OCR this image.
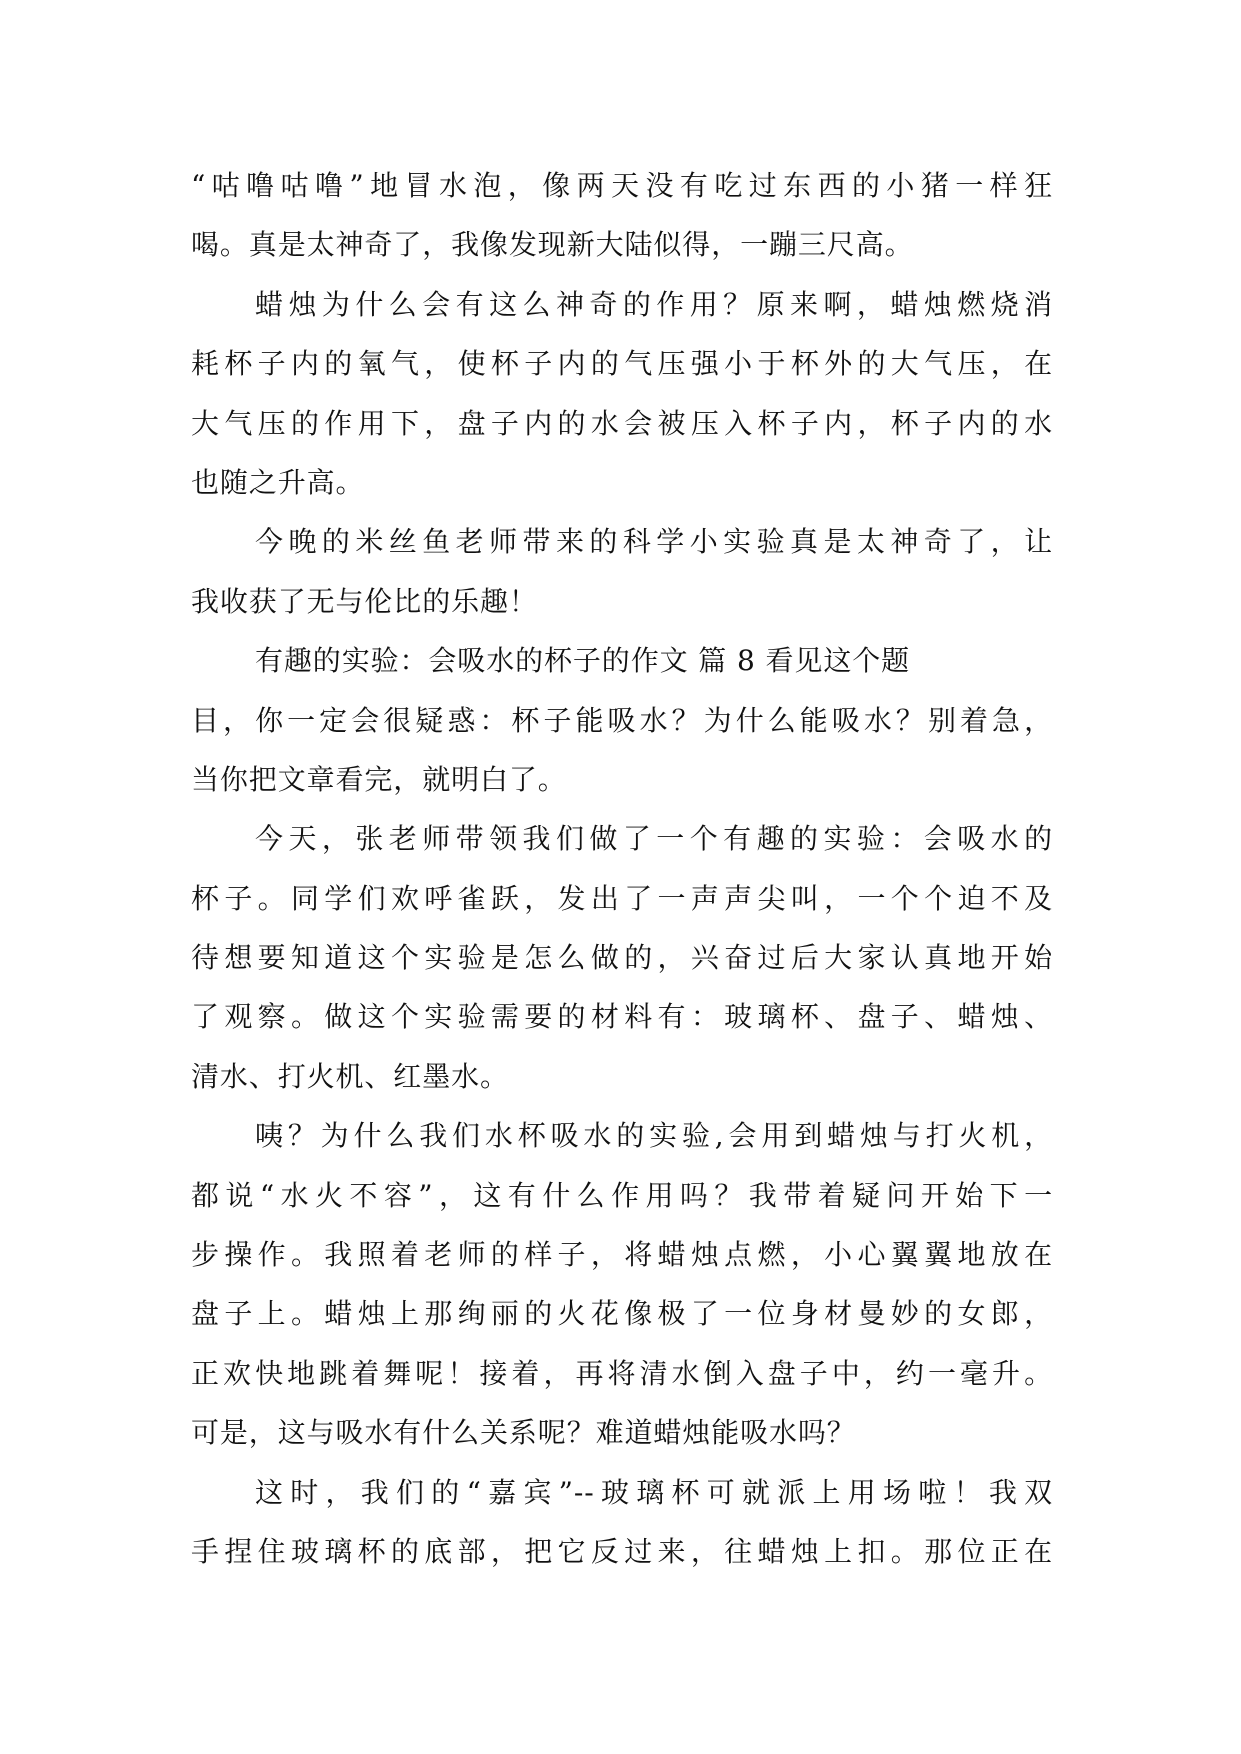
“咕噜咕噜”地冒水泡，像两天没有吃过东西的小猪一样狂
喝。真是太神奇了，我像发现新大陆似得，一蹦三尺高。
蜡烛为什么会有这么神奇的作用？原来啊，蜡烛燃烧消
耗杯子内的氧气，使杯子内的气压强小于杯外的大气压，在
大气压的作用下，盘子内的水会被压入杯子内，杯子内的水
也随之升高。
今晚的米丝鱼老师带来的科学小实验真是太神奇了，让
我收获了无与伦比的乐趣！
有趣的实验：会吸水的杯子的作文 篇 8 看见这个题
目，你一定会很疑惑：杯子能吸水？为什么能吸水？别着急，
当你把文章看完，就明白了。
今天，张老师带领我们做了一个有趣的实验：会吸水的
杯子。同学们欢呼雀跃，发出了一声声尖叫，一个个迫不及
待想要知道这个实验是怎么做的，兴奋过后大家认真地开始
了观察。做这个实验需要的材料有：玻璃杯、盘子、蜡烛、
清水、打火机、红墨水。
咦？为什么我们水杯吸水的实验,会用到蜡烛与打火机，
都说“水火不容”，这有什么作用吗？我带着疑问开始下一
步操作。我照着老师的样子，将蜡烛点燃，小心翼翼地放在
盘子上。蜡烛上那绚丽的火花像极了一位身材曼妙的女郎，
正欢快地跳着舞呢！接着，再将清水倒入盘子中，约一毫升。
可是，这与吸水有什么关系呢？难道蜡烛能吸水吗？
这时，我们的“嘉宾”--玻璃杯可就派上用场啦！我双
手捏住玻璃杯的底部，把它反过来，往蜡烛上扣。那位正在
